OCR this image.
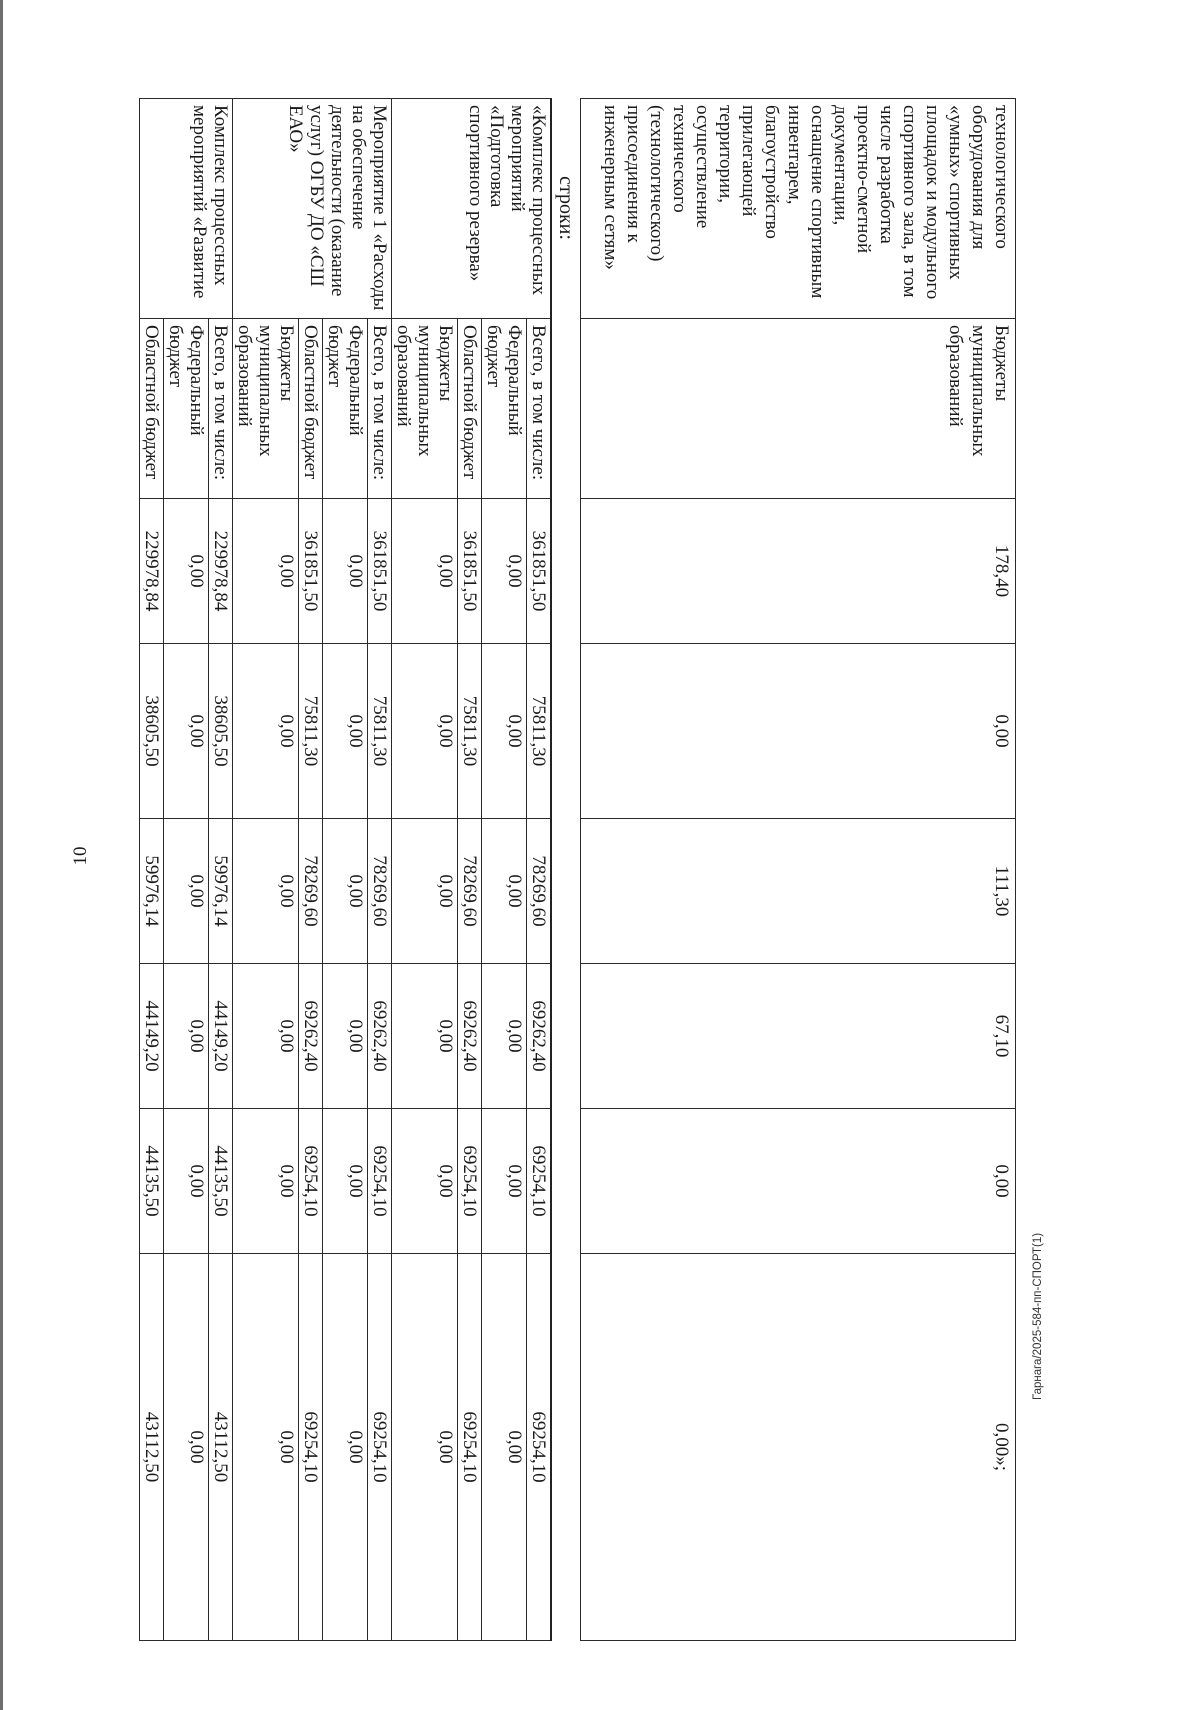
10
Гарнага/2025-584-пп-СПОРТ(1)
технологического оборудования для «умных» спортивных площадок и модульного спортивного зала, в том числе разработка проектно-сметной документации, оснащение спортивным инвентарем, благоустройство прилегающей территории, осуществление технического (технологического) присоединения к инженерным сетям»	Бюджеты муниципальных образований	178,40	0,00	111,30	67,10	0,00	0,00»;
строки:
«Комплекс процессных мероприятий «Подготовка спортивного резерва»	Всего, в том числе:	361851,50	75811,30	78269,60	69262,40	69254,10	69254,10
	Федеральный бюджет	0,00	0,00	0,00	0,00	0,00	0,00
	Областной бюджет	361851,50	75811,30	78269,60	69262,40	69254,10	69254,10
	Бюджеты муниципальных образований	0,00	0,00	0,00	0,00	0,00	0,00
Мероприятие 1 «Расходы на обеспечение деятельности (оказание услуг) ОГБУ ДО «СШ ЕАО»	Всего, в том числе:	361851,50	75811,30	78269,60	69262,40	69254,10	69254,10
	Федеральный бюджет	0,00	0,00	0,00	0,00	0,00	0,00
	Областной бюджет	361851,50	75811,30	78269,60	69262,40	69254,10	69254,10
	Бюджеты муниципальных образований	0,00	0,00	0,00	0,00	0,00	0,00
Комплекс процессных мероприятий «Развитие	Всего, в том числе:	229978,84	38605,50	59976,14	44149,20	44135,50	43112,50
	Федеральный бюджет	0,00	0,00	0,00	0,00	0,00	0,00
	Областной бюджет	229978,84	38605,50	59976,14	44149,20	44135,50	43112,50
